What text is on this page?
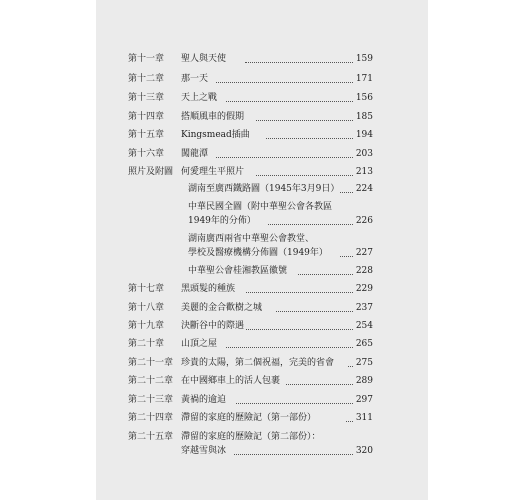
第十一章 聖人與天使	159
第十二章 那一天	171
第十三章 天上之戰	156
第十四章 搭順風車的假期	185
第十五章 Kingsmead插曲	194
第十六章 闖龍潭	203
照片及附圖 何愛理生平照片	213
湖南至廣西鐵路圖（1945年3月9日） 224
中華民國全圖（附中華聖公會各教區
1949年的分佈）	226
湖南廣西兩省中華聖公會教堂、
學校及醫療機構分佈圖（1949年）	227
中華聖公會桂湘教區徽號	228
第十七章 黑頭髮的種族	229
第十八章 美麗的金合歡樹之城	237
第十九章 決斷谷中的際遇	254
第二十章 山頂之屋	265
第二十一章 珍貴的太陽，第二個祝福，完美的省會 275
第二十二章 在中國鄉車上的活人包裹	289
第二十三章 黃禍的逾迫	297
第二十四章 滯留的家庭的歷險記（第一部份）	311
第二十五章 滯留的家庭的歷險記（第二部份）：
穿越雪與冰	320
